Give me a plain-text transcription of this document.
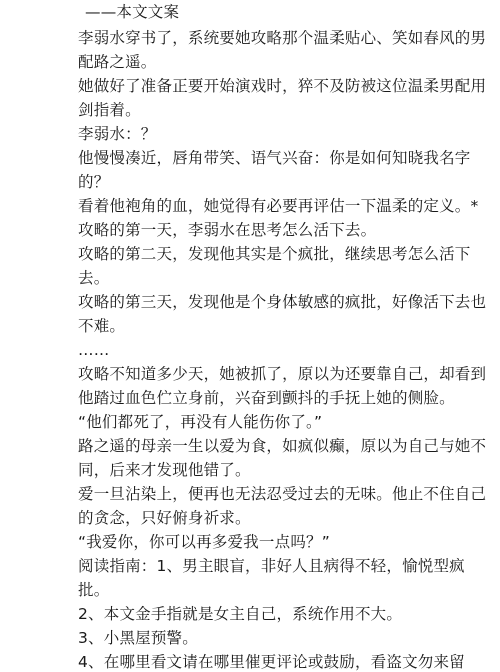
——本文文案
李弱水穿书了，系统要她攻略那个温柔贴心、笑如春风的男
配路之遥。
她做好了准备正要开始演戏时，猝不及防被这位温柔男配用
剑指着。
李弱水：？
他慢慢凑近，唇角带笑、语气兴奋：你是如何知晓我名字
的？
看着他袍角的血，她觉得有必要再评估一下温柔的定义。*
攻略的第一天，李弱水在思考怎么活下去。
攻略的第二天，发现他其实是个疯批，继续思考怎么活下
去。
攻略的第三天，发现他是个身体敏感的疯批，好像活下去也
不难。
……
攻略不知道多少天，她被抓了，原以为还要靠自己，却看到
他踏过血色伫立身前，兴奋到颤抖的手抚上她的侧脸。
“他们都死了，再没有人能伤你了。”
路之遥的母亲一生以爱为食，如疯似癫，原以为自己与她不
同，后来才发现他错了。
爱一旦沾染上，便再也无法忍受过去的无味。他止不住自己
的贪念，只好俯身祈求。
“我爱你，你可以再多爱我一点吗？”
阅读指南：1、男主眼盲，非好人且病得不轻，愉悦型疯
批。
2、本文金手指就是女主自己，系统作用不大。
3、小黑屋预警。
4、在哪里看文请在哪里催更评论或鼓励，看盗文勿来留
